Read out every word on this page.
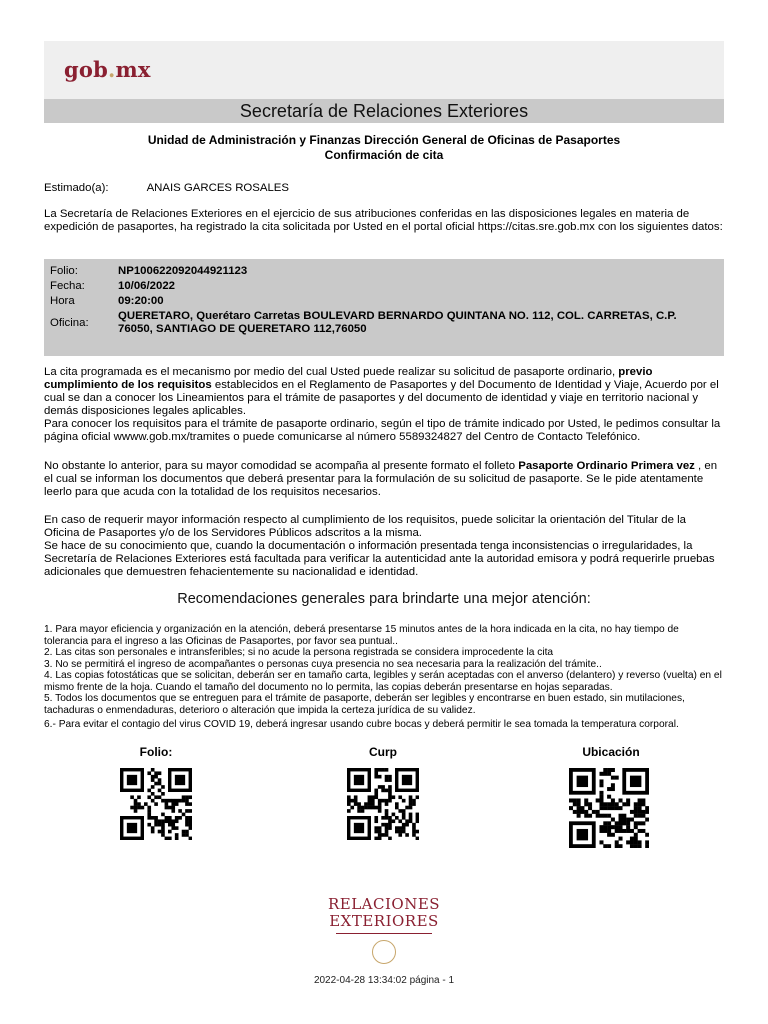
gob.mx
Secretaría de Relaciones Exteriores
Unidad de Administración y Finanzas Dirección General de Oficinas de Pasaportes
Confirmación de cita
Estimado(a):	ANAIS GARCES ROSALES
La Secretaría de Relaciones Exteriores en el ejercicio de sus atribuciones conferidas en las disposiciones legales en materia de expedición de pasaportes, ha registrado la cita solicitada por Usted en el portal oficial https://citas.sre.gob.mx con los siguientes datos:
Folio:	NP100622092044921123
Fecha:	10/06/2022
Hora	09:20:00
Oficina:
QUERETARO, Querétaro Carretas BOULEVARD BERNARDO QUINTANA NO. 112, COL. CARRETAS, C.P. 76050, SANTIAGO DE QUERETARO 112,76050
La cita programada es el mecanismo por medio del cual Usted puede realizar su solicitud de pasaporte ordinario, previo cumplimiento de los requisitos establecidos en el Reglamento de Pasaportes y del Documento de Identidad y Viaje, Acuerdo por el cual se dan a conocer los Lineamientos para el trámite de pasaportes y del documento de identidad y viaje en territorio nacional y demás disposiciones legales aplicables.
Para conocer los requisitos para el trámite de pasaporte ordinario, según el tipo de trámite indicado por Usted, le pedimos consultar la página oficial wwww.gob.mx/tramites o puede comunicarse al número 5589324827 del Centro de Contacto Telefónico.
No obstante lo anterior, para su mayor comodidad se acompaña al presente formato el folleto Pasaporte Ordinario Primera vez , en el cual se informan los documentos que deberá presentar para la formulación de su solicitud de pasaporte. Se le pide atentamente leerlo para que acuda con la totalidad de los requisitos necesarios.
En caso de requerir mayor información respecto al cumplimiento de los requisitos, puede solicitar la orientación del Titular de la Oficina de Pasaportes y/o de los Servidores Públicos adscritos a la misma.
Se hace de su conocimiento que, cuando la documentación o información presentada tenga inconsistencias o irregularidades, la Secretaría de Relaciones Exteriores está facultada para verificar la autenticidad ante la autoridad emisora y podrá requerirle pruebas adicionales que demuestren fehacientemente su nacionalidad e identidad.
Recomendaciones generales para brindarte una mejor atención:
1. Para mayor eficiencia y organización en la atención, deberá presentarse 15 minutos antes de la hora indicada en la cita, no hay tiempo de tolerancia para el ingreso a las Oficinas de Pasaportes, por favor sea puntual..
2. Las citas son personales e intransferibles; si no acude la persona registrada se considera improcedente la cita
3. No se permitirá el ingreso de acompañantes o personas cuya presencia no sea necesaria para la realización del trámite..
4. Las copias fotostáticas que se solicitan, deberán ser en tamaño carta, legibles y serán aceptadas con el anverso (delantero) y reverso (vuelta) en el mismo frente de la hoja. Cuando el tamaño del documento no lo permita, las copias deberán presentarse en hojas separadas.
5. Todos los documentos que se entreguen para el trámite de pasaporte, deberán ser legibles y encontrarse en buen estado, sin mutilaciones, tachaduras o enmendaduras, deterioro o alteración que impida la certeza jurídica de su validez.
6.- Para evitar el contagio del virus COVID 19, deberá ingresar usando cubre bocas y deberá permitir le sea tomada la temperatura corporal.
Folio:	Curp	Ubicación
RELACIONES
EXTERIORES
2022-04-28 13:34:02 página - 1
